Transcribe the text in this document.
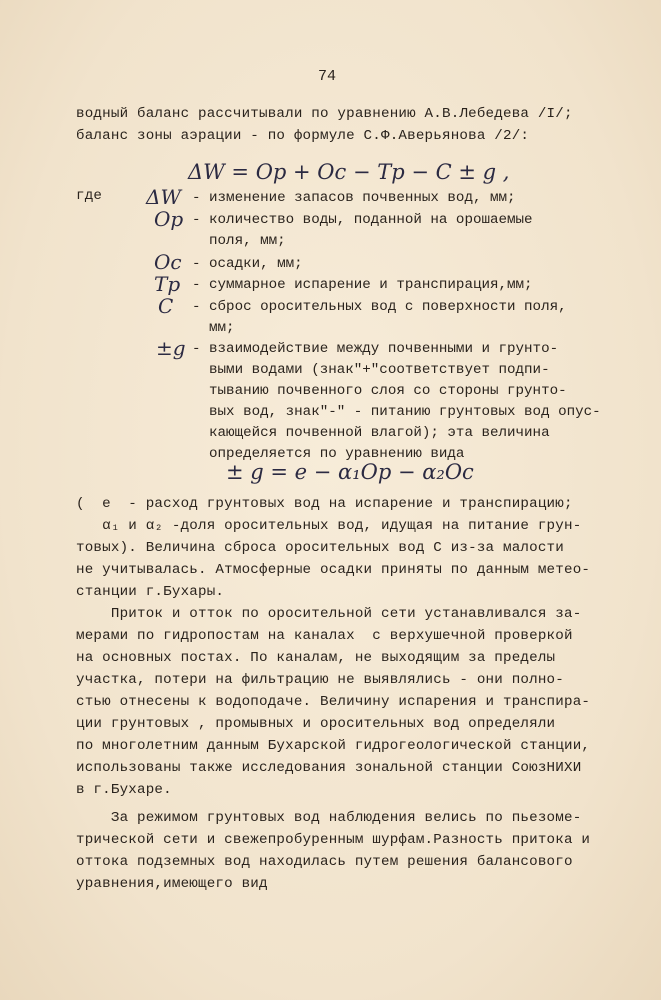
74
водный баланс рассчитывали по уравнению А.В.Лебедева /I/;
баланс зоны аэрации - по формуле С.Ф.Аверьянова /2/:
ΔW = Op + Oc − Tp − C ± g ,
где ΔW - изменение запасов почвенных вод, мм;
Op - количество воды, поданной на орошаемые
поля, мм;
Oc - осадки, мм;
Tp - суммарное испарение и транспирация,мм;
C - сброс оросительных вод с поверхности поля,
мм;
±g - взаимодействие между почвенными и грунто-
выми водами (знак"+"соответствует подпи-
тыванию почвенного слоя со стороны грунто-
вых вод, знак"-" - питанию грунтовых вод опус-
кающейся почвенной влагой); эта величина
определяется по уравнению вида
± g = e − α₁Op − α₂Oc
(  e  - расход грунтовых вод на испарение и транспирацию;
α₁ и α₂ -доля оросительных вод, идущая на питание грун-
товых). Величина сброса оросительных вод С из-за малости
не учитывалась. Атмосферные осадки приняты по данным метео-
станции г.Бухары.
Приток и отток по оросительной сети устанавливался за-
мерами по гидропостам на каналах  с верхушечной проверкой
на основных постах. По каналам, не выходящим за пределы
участка, потери на фильтрацию не выявлялись - они полно-
стью отнесены к водоподаче. Величину испарения и транспира-
ции грунтовых , промывных и оросительных вод определяли
по многолетним данным Бухарской гидрогеологической станции,
использованы также исследования зональной станции СоюзНИХИ
в г.Бухаре.
За режимом грунтовых вод наблюдения велись по пьезоме-
трической сети и свежепробуренным шурфам.Разность притока и
оттока подземных вод находилась путем решения балансового
уравнения,имеющего вид
